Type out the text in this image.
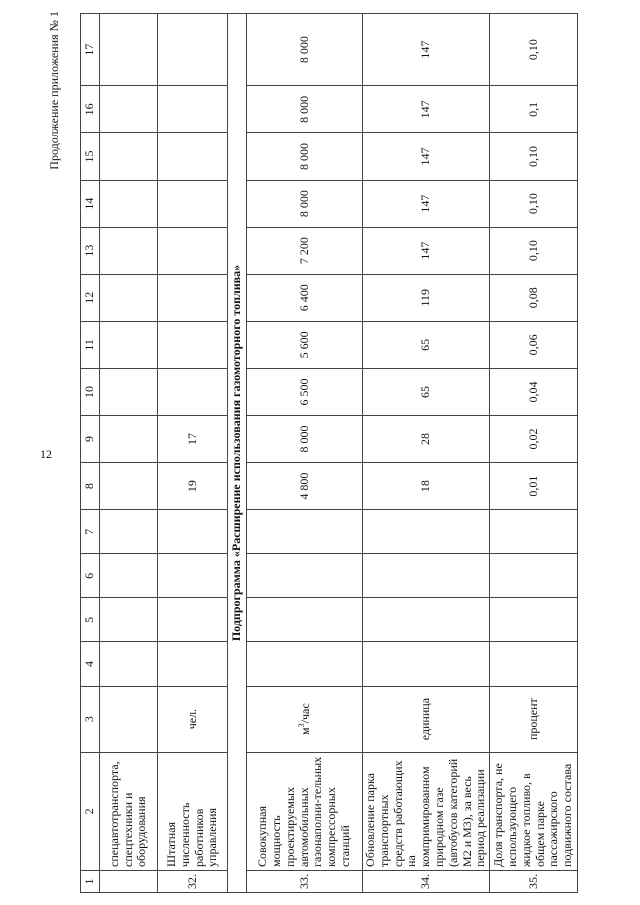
12
Продолжение приложения № 1
1	2	3	4	5	6	7	8	9	10	11	12	13	14	15	16	17
	спецавтотранспорта, спецтехники и оборудования															
32.	Штатная численность работников управления	чел.					19	17								
Подпрограмма «Расширение использования газомоторного топлива»																
33.	Совокупная мощность проектируемых автомобильных газонаполни-тельных компрессорных станций	$м^3$/час					4 800	8 000	6 500	5 600	6 400	7 200	8 000	8 000	8 000	8 000
34.	Обновление парка транспортных средств работающих на компримированном природном газе (автобусов категорий М2 и М3), за весь период реализации	единица					18	28	65	65	119	147	147	147	147	147
35.	Доля транспорта, не использующего жидкое топливо, в общем парке пассажирского подвижного состава	процент					0,01	0,02	0,04	0,06	0,08	0,10	0,10	0,10	0,1	0,10
